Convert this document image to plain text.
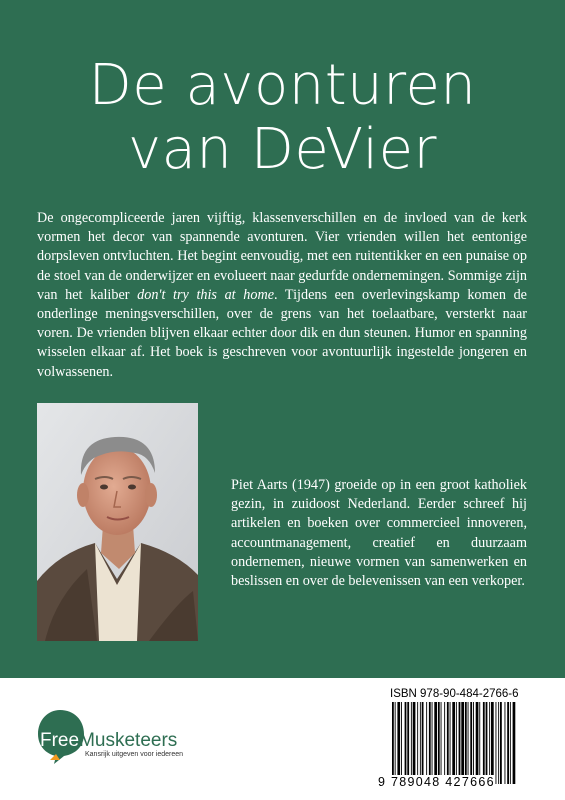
De avonturen
van DeVier
De ongecompliceerde jaren vijftig, klassenverschillen en de invloed van de kerk vormen het decor van spannende avonturen. Vier vrienden willen het eentonige dorpsleven ontvluchten. Het begint eenvoudig, met een ruitentikker en een punaise op de stoel van de onderwijzer en evolueert naar gedurfde ondernemingen. Sommige zijn van het kaliber don't try this at home. Tijdens een overlevingskamp komen de onderlinge meningsverschillen, over de grens van het toelaatbare, versterkt naar voren. De vrienden blijven elkaar echter door dik en dun steunen. Humor en spanning wisselen elkaar af. Het boek is geschreven voor avontuurlijk ingestelde jongeren en volwassenen.
Piet Aarts (1947) groeide op in een groot katholiek gezin, in zuidoost Nederland. Eerder schreef hij artikelen en boeken over commercieel innoveren, accountmanagement, creatief en duurzaam ondernemen, nieuwe vormen van samenwerken en beslissen en over de belevenissen van een verkoper.
FreeMusketeers
Kansrijk uitgeven voor iedereen
ISBN 978-90-484-2766-6
9 789048 427666
